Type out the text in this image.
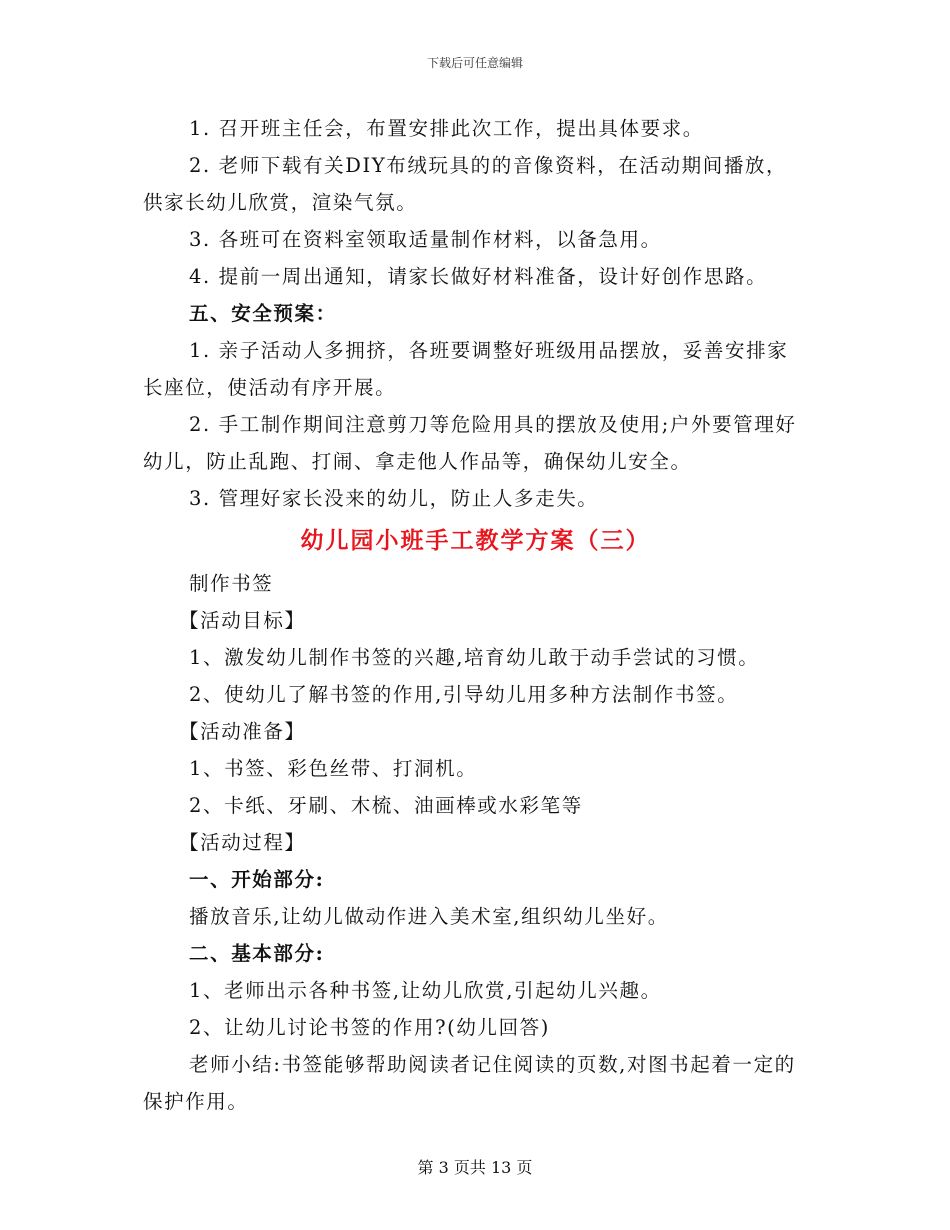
下载后可任意编辑

1. 召开班主任会，布置安排此次工作，提出具体要求。

2. 老师下载有关DIY布绒玩具的的音像资料，在活动期间播放，供家长幼儿欣赏，渲染气氛。

3. 各班可在资料室领取适量制作材料，以备急用。

4. 提前一周出通知，请家长做好材料准备，设计好创作思路。

五、安全预案：

1. 亲子活动人多拥挤，各班要调整好班级用品摆放，妥善安排家长座位，使活动有序开展。

2. 手工制作期间注意剪刀等危险用具的摆放及使用;户外要管理好幼儿，防止乱跑、打闹、拿走他人作品等，确保幼儿安全。

3. 管理好家长没来的幼儿，防止人多走失。

幼儿园小班手工教学方案（三）

制作书签

【活动目标】

1、激发幼儿制作书签的兴趣,培育幼儿敢于动手尝试的习惯。

2、使幼儿了解书签的作用,引导幼儿用多种方法制作书签。

【活动准备】

1、书签、彩色丝带、打洞机。

2、卡纸、牙刷、木梳、油画棒或水彩笔等

【活动过程】

一、开始部分:

播放音乐,让幼儿做动作进入美术室,组织幼儿坐好。

二、基本部分:

1、老师出示各种书签,让幼儿欣赏,引起幼儿兴趣。

2、让幼儿讨论书签的作用?(幼儿回答)

老师小结:书签能够帮助阅读者记住阅读的页数,对图书起着一定的保护作用。

第 3 页共 13 页
